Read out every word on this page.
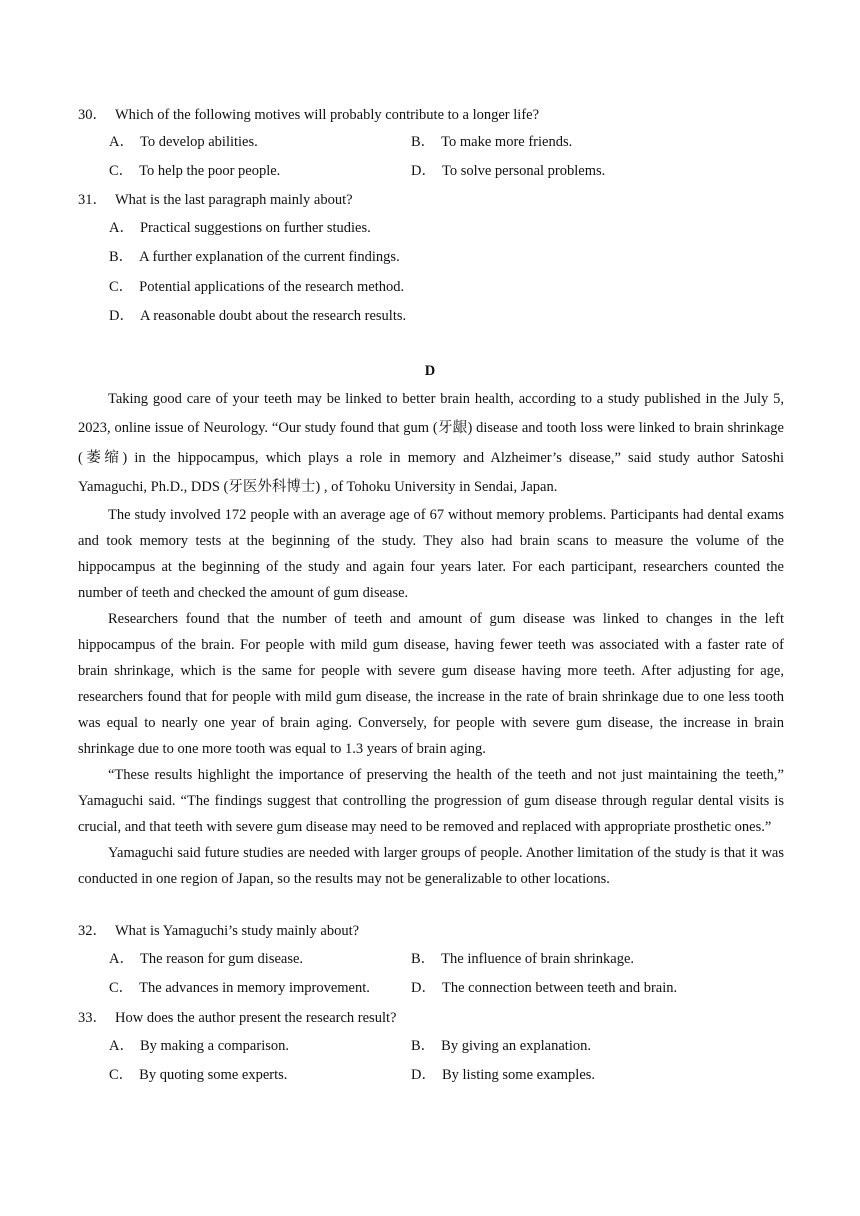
30． Which of the following motives will probably contribute to a longer life?
A． To develop abilities.	B． To make more friends.
C． To help the poor people.	D． To solve personal problems.
31． What is the last paragraph mainly about?
A． Practical suggestions on further studies.
B． A further explanation of the current findings.
C． Potential applications of the research method.
D． A reasonable doubt about the research results.
D

Taking good care of your teeth may be linked to better brain health, according to a study published in the July 5, 2023, online issue of Neurology. “Our study found that gum (牙龈) disease and tooth loss were linked to brain shrinkage (萎缩) in the hippocampus, which plays a role in memory and Alzheimer’s disease,” said study author Satoshi Yamaguchi, Ph.D., DDS (牙医外科博士) , of Tohoku University in Sendai, Japan.

The study involved 172 people with an average age of 67 without memory problems. Participants had dental exams and took memory tests at the beginning of the study. They also had brain scans to measure the volume of the hippocampus at the beginning of the study and again four years later. For each participant, researchers counted the number of teeth and checked the amount of gum disease.

Researchers found that the number of teeth and amount of gum disease was linked to changes in the left hippocampus of the brain. For people with mild gum disease, having fewer teeth was associated with a faster rate of brain shrinkage, which is the same for people with severe gum disease having more teeth. After adjusting for age, researchers found that for people with mild gum disease, the increase in the rate of brain shrinkage due to one less tooth was equal to nearly one year of brain aging. Conversely, for people with severe gum disease, the increase in brain shrinkage due to one more tooth was equal to 1.3 years of brain aging.

“These results highlight the importance of preserving the health of the teeth and not just maintaining the teeth,” Yamaguchi said. “The findings suggest that controlling the progression of gum disease through regular dental visits is crucial, and that teeth with severe gum disease may need to be removed and replaced with appropriate prosthetic ones.”

Yamaguchi said future studies are needed with larger groups of people. Another limitation of the study is that it was conducted in one region of Japan, so the results may not be generalizable to other locations.

32． What is Yamaguchi’s study mainly about?
A． The reason for gum disease.	B． The influence of brain shrinkage.
C． The advances in memory improvement.	D． The connection between teeth and brain.
33． How does the author present the research result?
A． By making a comparison.	B． By giving an explanation.
C． By quoting some experts.	D． By listing some examples.
